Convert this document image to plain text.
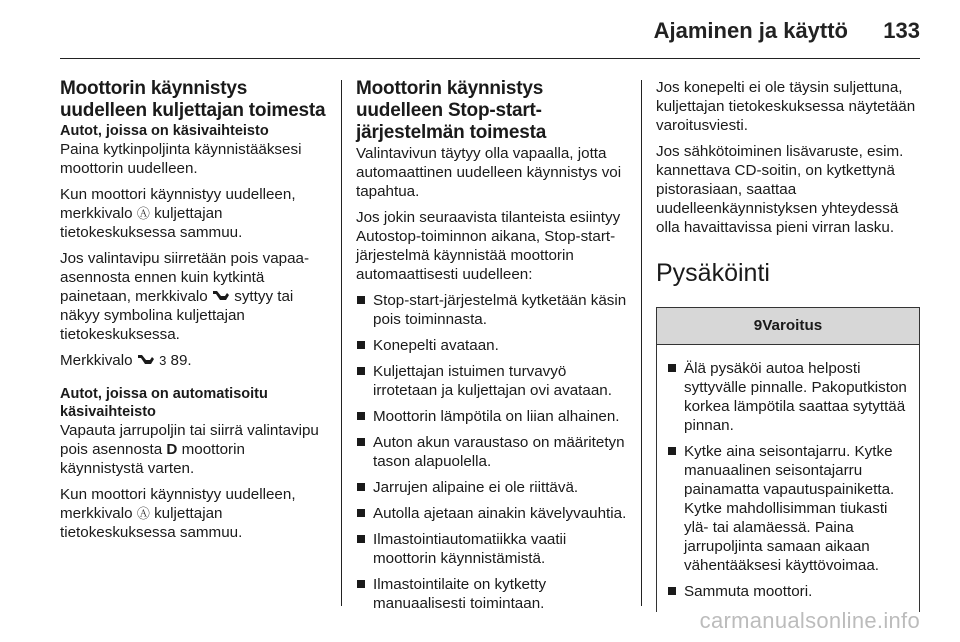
Ajaminen ja käyttö 133
Moottorin käynnistys uudelleen kuljettajan toimesta
Autot, joissa on käsivaihteisto

Paina kytkinpoljinta käynnistääksesi moottorin uudelleen.

Kun moottori käynnistyy uudelleen, merkkivalo Ⓐ kuljettajan tietokeskuksessa sammuu.

Jos valintavipu siirretään pois vapaa-asennosta ennen kuin kytkintä painetaan, merkkivalo syttyy tai näkyy symbolina kuljettajan tietokeskuksessa.

Merkkivalo 3 89.

Autot, joissa on automatisoitu käsivaihteisto

Vapauta jarrupoljin tai siirrä valintavipu pois asennosta D moottorin käynnistystä varten.

Kun moottori käynnistyy uudelleen, merkkivalo Ⓐ kuljettajan tietokeskuksessa sammuu.

Moottorin käynnistys uudelleen Stop-start-järjestelmän toimesta

Valintavivun täytyy olla vapaalla, jotta automaattinen uudelleen käynnistys voi tapahtua.

Jos jokin seuraavista tilanteista esiintyy Autostop-toiminnon aikana, Stop-start-järjestelmä käynnistää moottorin automaattisesti uudelleen:

Stop-start-järjestelmä kytketään käsin pois toiminnasta.
Konepelti avataan.
Kuljettajan istuimen turvavyö irrotetaan ja kuljettajan ovi avataan.
Moottorin lämpötila on liian alhainen.
Auton akun varaustaso on määritetyn tason alapuolella.
Jarrujen alipaine ei ole riittävä.
Autolla ajetaan ainakin kävelyvauhtia.
Ilmastointiautomatiikka vaatii moottorin käynnistämistä.
Ilmastointilaite on kytketty manuaalisesti toimintaan.

Jos konepelti ei ole täysin suljettuna, kuljettajan tietokeskuksessa näytetään varoitusviesti.

Jos sähkötoiminen lisävaruste, esim. kannettava CD-soitin, on kytkettynä pistorasiaan, saattaa uudelleenkäynnistyksen yhteydessä olla havaittavissa pieni virran lasku.

Pysäköinti
9Varoitus
Älä pysäköi autoa helposti syttyvälle pinnalle. Pakoputkiston korkea lämpötila saattaa sytyttää pinnan.
Kytke aina seisontajarru. Kytke manuaalinen seisontajarru painamatta vapautuspainiketta. Kytke mahdollisimman tiukasti ylä- tai alamäessä. Paina jarrupoljinta samaan aikaan vähentääksesi käyttövoimaa.
Sammuta moottori.
carmanualsonline.info
